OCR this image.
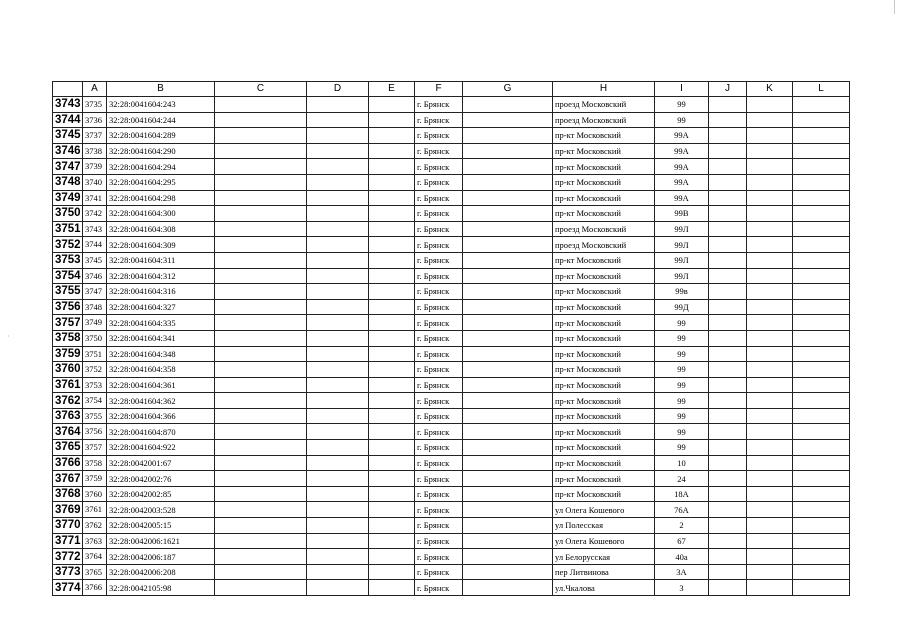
·
	A	B	C	D	E	F	G	H	I	J	K	L
3743	3735	32:28:0041604:243				г. Брянск		проезд Московский	99			
3744	3736	32:28:0041604:244				г. Брянск		проезд Московский	99			
3745	3737	32:28:0041604:289				г. Брянск		пр-кт Московский	99А			
3746	3738	32:28:0041604:290				г. Брянск		пр-кт Московский	99А			
3747	3739	32:28:0041604:294				г. Брянск		пр-кт Московский	99А			
3748	3740	32:28:0041604:295				г. Брянск		пр-кт Московский	99А			
3749	3741	32:28:0041604:298				г. Брянск		пр-кт Московский	99А			
3750	3742	32:28:0041604:300				г. Брянск		пр-кт Московский	99В			
3751	3743	32:28:0041604:308				г. Брянск		проезд Московский	99Л			
3752	3744	32:28:0041604:309				г. Брянск		проезд Московский	99Л			
3753	3745	32:28:0041604:311				г. Брянск		пр-кт Московский	99Л			
3754	3746	32:28:0041604:312				г. Брянск		пр-кт Московский	99Л			
3755	3747	32:28:0041604:316				г. Брянск		пр-кт Московский	99в			
3756	3748	32:28:0041604:327				г. Брянск		пр-кт Московский	99Д			
3757	3749	32:28:0041604:335				г. Брянск		пр-кт Московский	99			
3758	3750	32:28:0041604:341				г. Брянск		пр-кт Московский	99			
3759	3751	32:28:0041604:348				г. Брянск		пр-кт Московский	99			
3760	3752	32:28:0041604:358				г. Брянск		пр-кт Московский	99			
3761	3753	32:28:0041604:361				г. Брянск		пр-кт Московский	99			
3762	3754	32:28:0041604:362				г. Брянск		пр-кт Московский	99			
3763	3755	32:28:0041604:366				г. Брянск		пр-кт Московский	99			
3764	3756	32:28:0041604:870				г. Брянск		пр-кт Московский	99			
3765	3757	32:28:0041604:922				г. Брянск		пр-кт Московский	99			
3766	3758	32:28:0042001:67				г. Брянск		пр-кт Московский	10			
3767	3759	32:28:0042002:76				г. Брянск		пр-кт Московский	24			
3768	3760	32:28:0042002:85				г. Брянск		пр-кт Московский	18А			
3769	3761	32:28:0042003:528				г. Брянск		ул Олега Кошевого	76А			
3770	3762	32:28:0042005:15				г. Брянск		ул Полесская	2			
3771	3763	32:28:0042006:1621				г. Брянск		ул Олега Кошевого	67			
3772	3764	32:28:0042006:187				г. Брянск		ул Белорусская	40а			
3773	3765	32:28:0042006:208				г. Брянск		пер Литвинова	3А			
3774	3766	32:28:0042105:98				г. Брянск		ул.Чкалова	3			
